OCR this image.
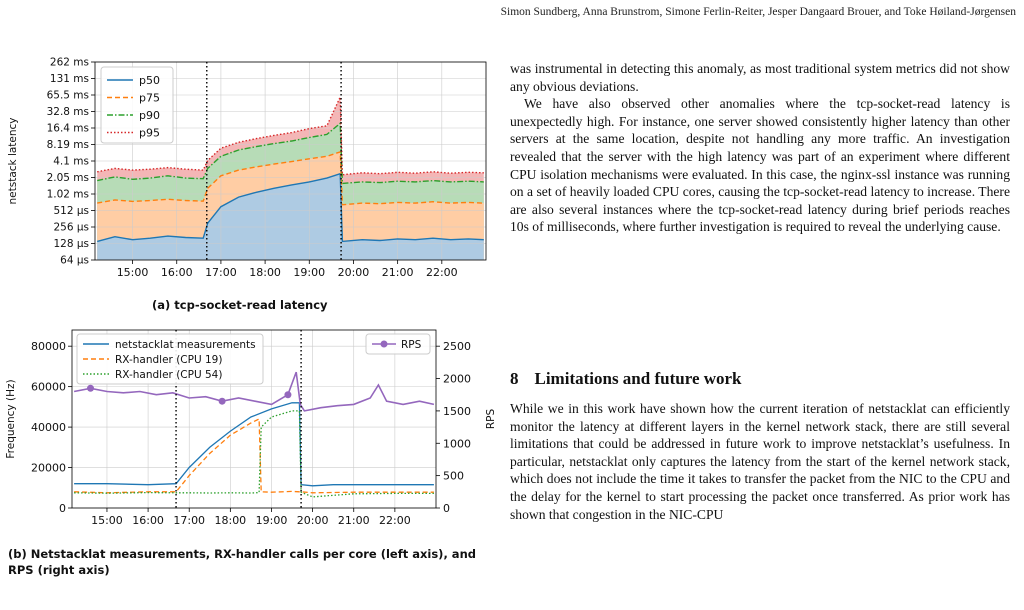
Simon Sundberg, Anna Brunstrom, Simone Ferlin-Reiter, Jesper Dangaard Brouer, and Toke Høiland-Jørgensen
262 ms
131 ms
65.5 ms
32.8 ms
16.4 ms
8.19 ms
4.1 ms
2.05 ms
1.02 ms
512 µs
256 µs
128 µs
64 µs
15:00 16:00 17:00 18:00 19:00 20:00 21:00 22:00
netstack latency
p50
p75
p90
p95
(a) tcp-socket-read latency
0
20000
40000
60000
80000
0
500
1000
1500
2000
2500
15:00 16:00 17:00 18:00 19:00 20:00 21:00 22:00
Frequency (Hz)	RPS
netstacklat measurements
RX-handler (CPU 19)
RX-handler (CPU 54)
RPS
(b) Netstacklat measurements, RX-handler calls per core (left axis), and RPS (right axis)

was instrumental in detecting this anomaly, as most traditional system metrics did not show any obvious deviations.

We have also observed other anomalies where the tcp-socket-read latency is unexpectedly high. For instance, one server showed consistently higher latency than other servers at the same location, despite not handling any more traffic. An investigation revealed that the server with the high latency was part of an experiment where different CPU isolation mechanisms were evaluated. In this case, the nginx-ssl instance was running on a set of heavily loaded CPU cores, causing the tcp-socket-read latency to increase. There are also several instances where the tcp-socket-read latency during brief periods reaches 10s of milliseconds, where further investigation is required to reveal the underlying cause.

8 Limitations and future work

While we in this work have shown how the current iteration of netstacklat can efficiently monitor the latency at different layers in the kernel network stack, there are still several limitations that could be addressed in future work to improve netstacklat’s usefulness. In particular, netstacklat only captures the latency from the start of the kernel network stack, which does not include the time it takes to transfer the packet from the NIC to the CPU and the delay for the kernel to start processing the packet once transferred. As prior work has shown that congestion in the NIC-CPU
